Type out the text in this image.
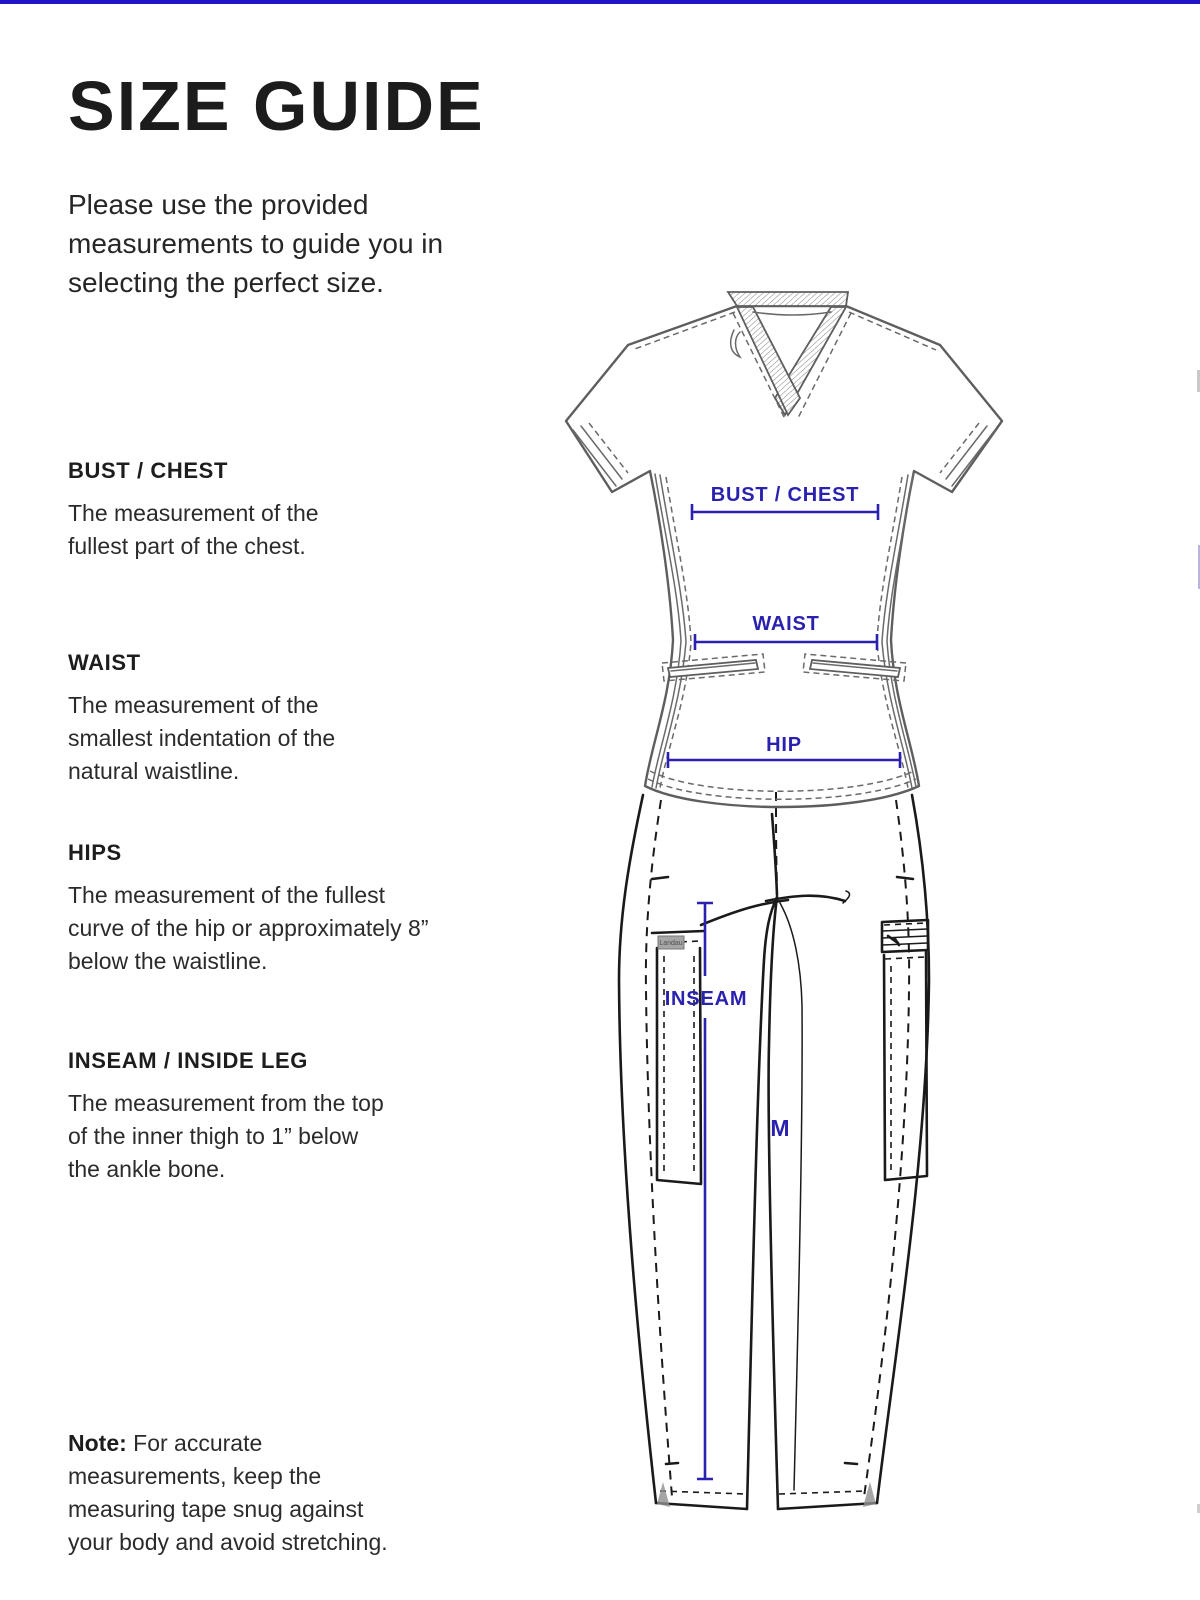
SIZE GUIDE
Please use the provided measurements to guide you in selecting the perfect size.
BUST / CHEST

The measurement of the fullest part of the chest.

WAIST

The measurement of the smallest indentation of the natural waistline.

HIPS

The measurement of the fullest curve of the hip or approximately 8” below the waistline.

INSEAM / INSIDE LEG

The measurement from the top of the inner thigh to 1” below the ankle bone.

Note: For accurate measurements, keep the measuring tape snug against your body and avoid stretching.

Landau
BUST / CHEST
WAIST
HIP
INSEAM
M
